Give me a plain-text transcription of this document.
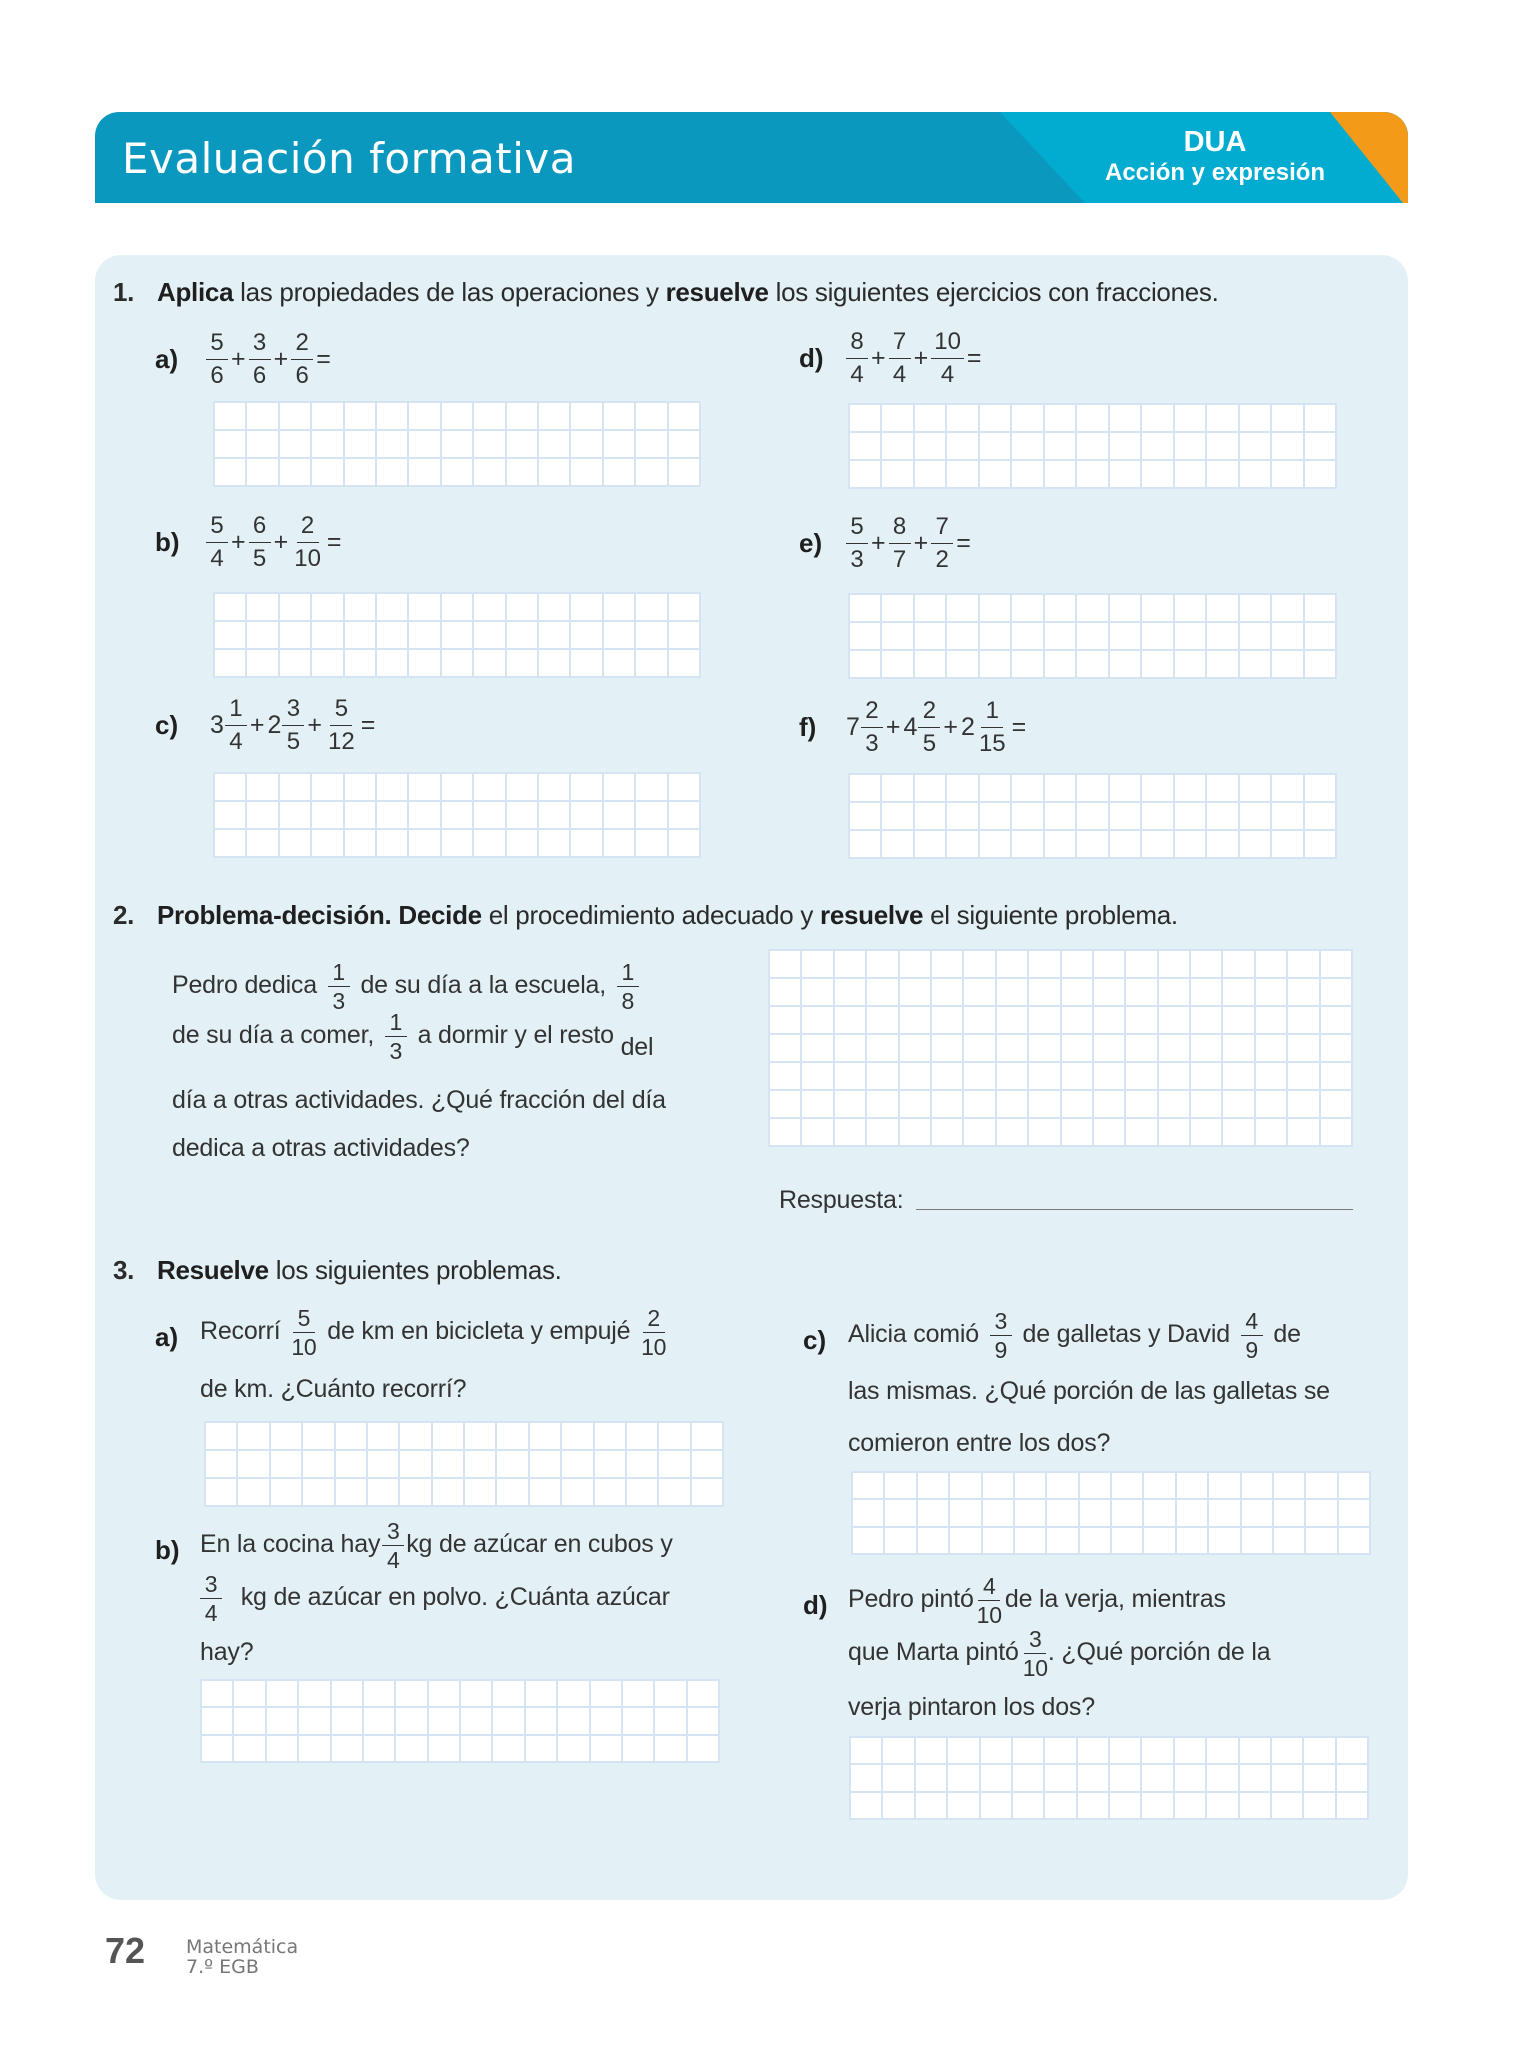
Evaluación formativa	DUA
Acción y expresión
1. Aplica las propiedades de las operaciones y resuelve los siguientes ejercicios con fracciones.
$a) \frac{5}{6} + \frac{3}{6} + \frac{2}{6}$ =
$b) \frac{5}{4} + \frac{6}{5} + \frac{2}{10}$ =
c) $3 \frac{1}{4} + 2 \frac{3}{5} + \frac{5}{12}$ =
$d) \frac{8}{4} + \frac{7}{4} + \frac{10}{4}$ =
$e) \frac{5}{3} + \frac{8}{7} + \frac{7}{2}$ =
f) $7 \frac{2}{3} + 4 \frac{2}{5} + 2 \frac{1}{15}$ =
2. Problema-decisión. Decide el procedimiento adecuado y resuelve el siguiente problema.
Pedro dedica $\frac{1}{3}$ de su día a la escuela, $\frac{1}{8}$
de su día a comer, $\frac{1}{3}$ a dormir y el resto del
día a otras actividades. ¿Qué fracción del día
dedica a otras actividades?
Respuesta:
3. Resuelve los siguientes problemas.
a) Recorrí $\frac{5}{10}$ de km en bicicleta y empujé $\frac{2}{10}$
de km. ¿Cuánto recorrí?
b) En la cocina hay $\frac{3}{4}$ kg de azúcar en cubos y
$\frac{3}{4}$ kg de azúcar en polvo. ¿Cuánta azúcar
hay?
c) Alicia comió $\frac{3}{9}$ de galletas y David $\frac{4}{9}$ de
las mismas. ¿Qué porción de las galletas se
comieron entre los dos?
d) Pedro pintó $\frac{4}{10}$ de la verja, mientras
que Marta pintó $\frac{3}{10}$ . ¿Qué porción de la
verja pintaron los dos?
72 Matemática
7.º EGB
